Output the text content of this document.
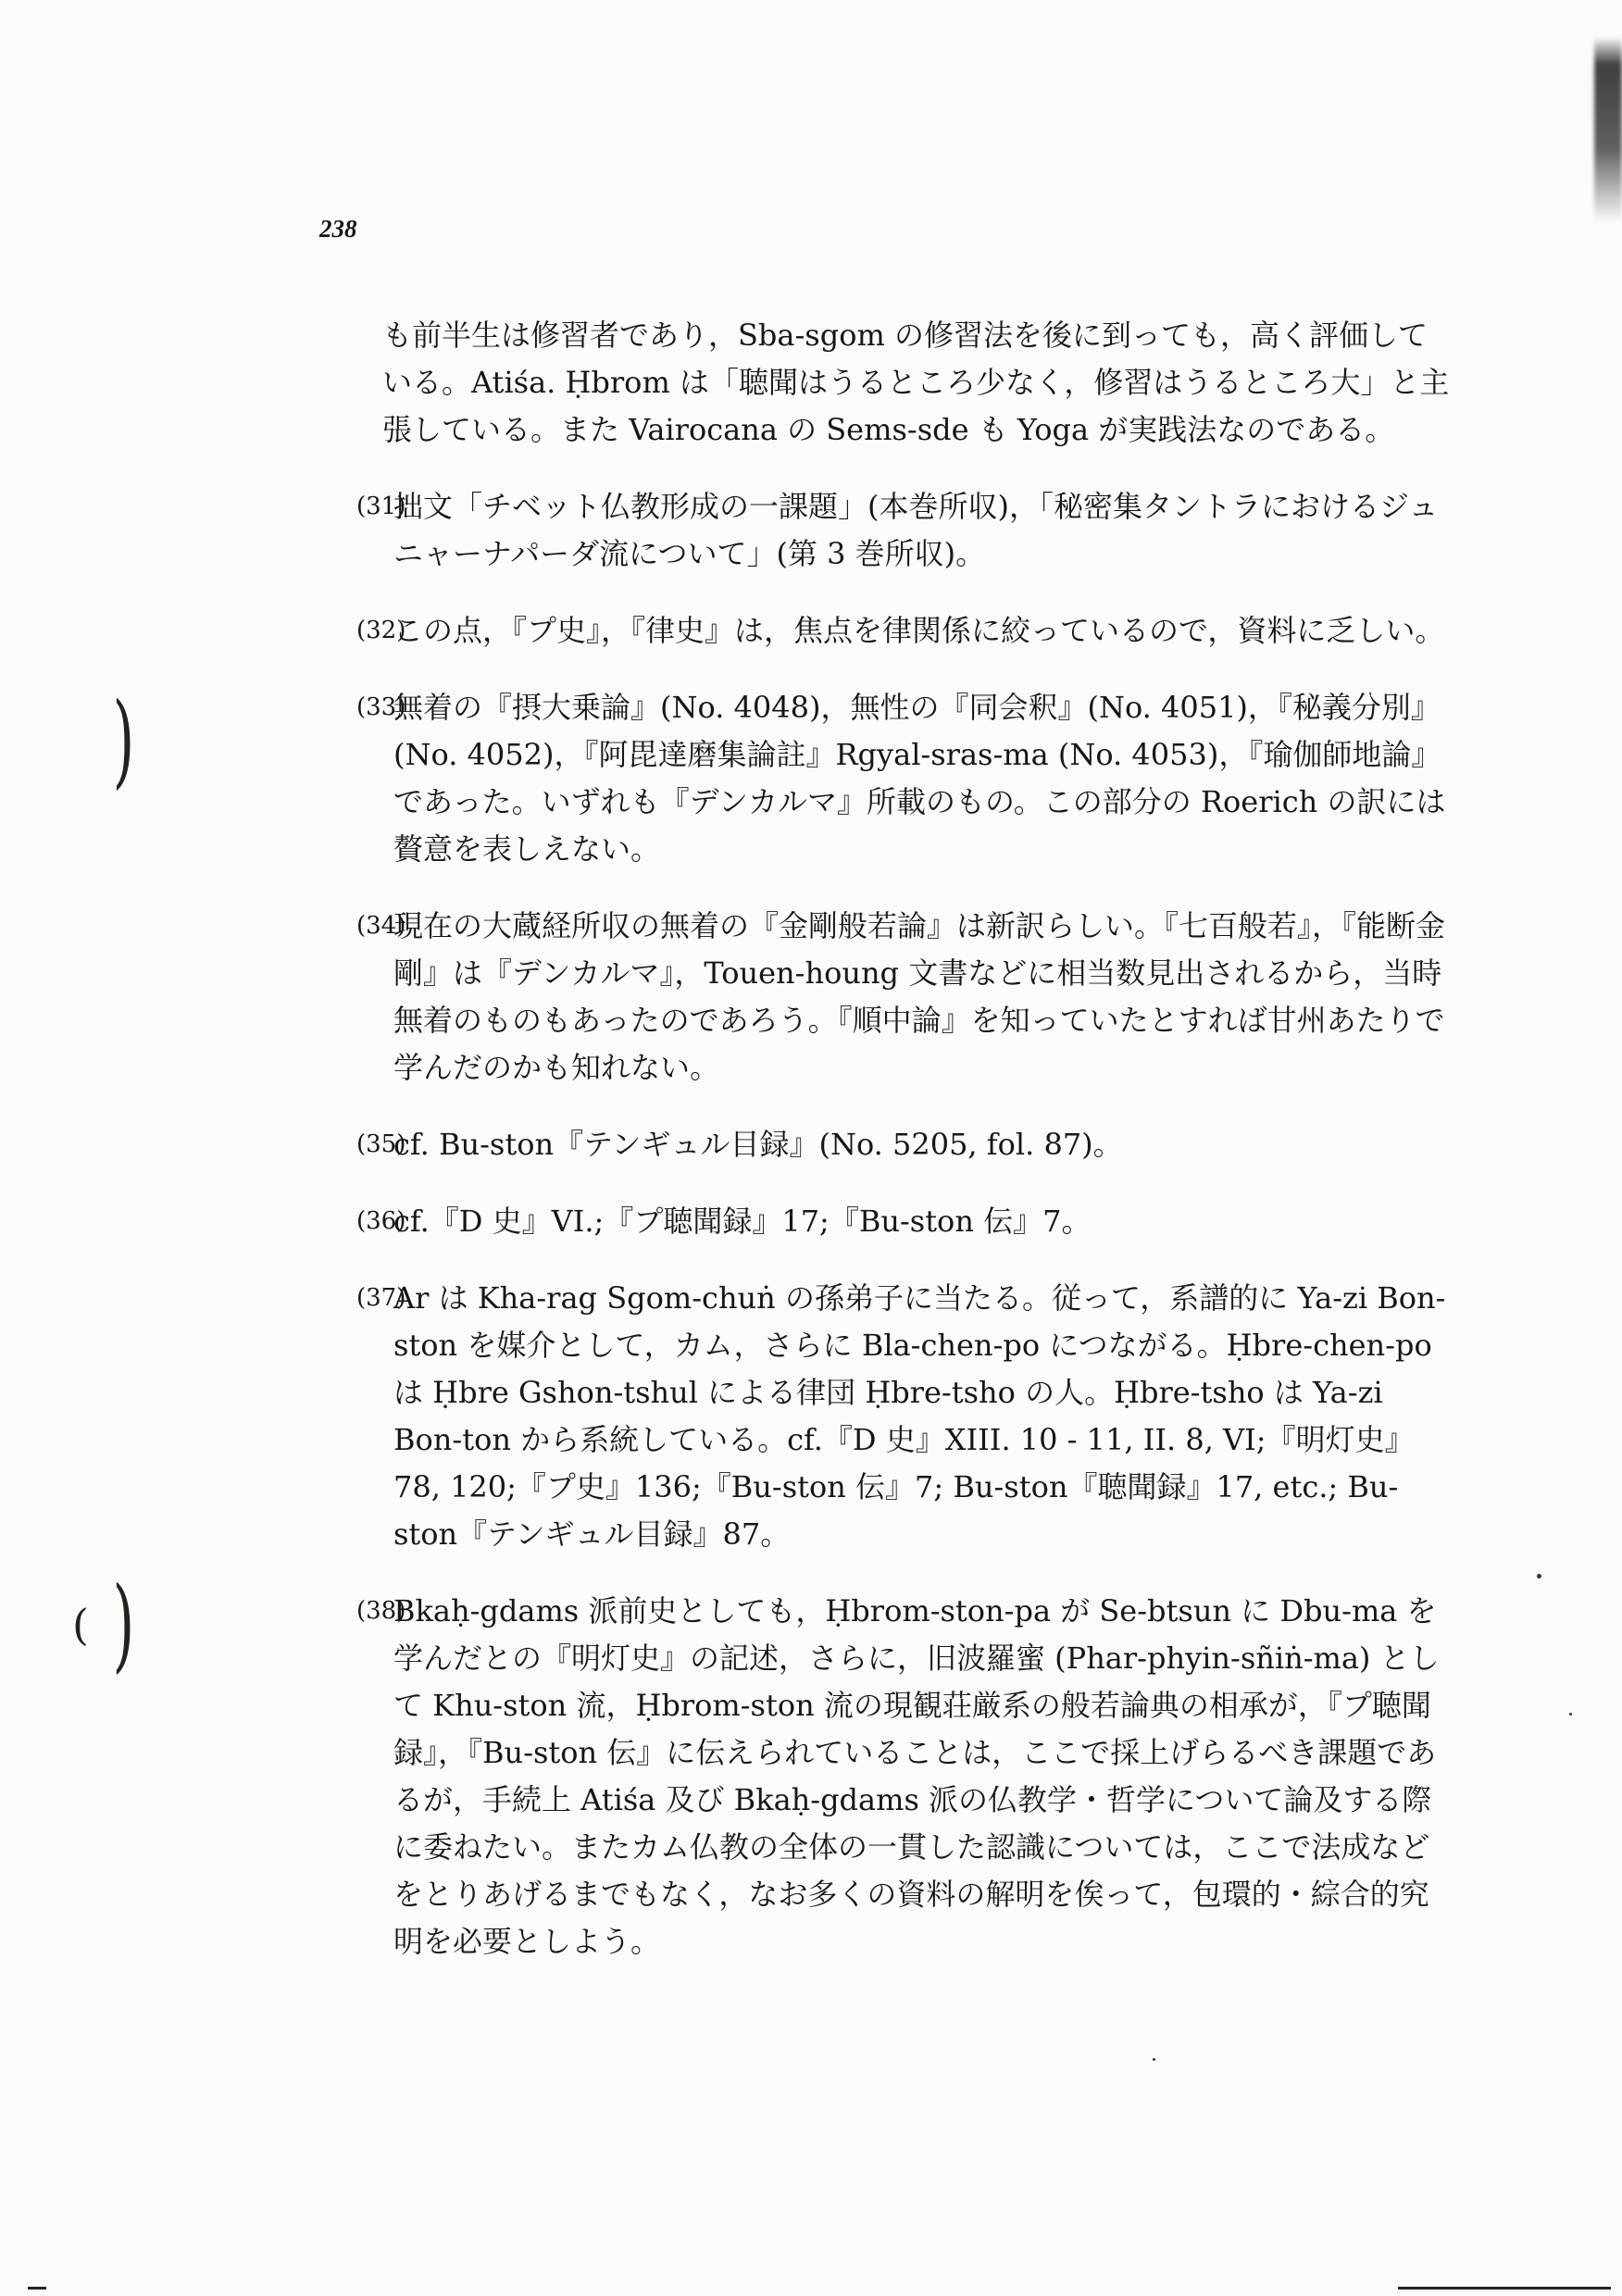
238

も前半生は修習者であり，Sba-sgom の修習法を後に到っても，高く評価している。Atiśa. Ḥbrom は「聴聞はうるところ少なく，修習はうるところ大」と主張している。また Vairocana の Sems-sde も Yoga が実践法なのである。

(31)
拙文「チベット仏教形成の一課題」(本巻所収)，「秘密集タントラにおけるジュニャーナパーダ流について」(第 3 巻所収)。

(32)
この点，『プ史』，『律史』は，焦点を律関係に絞っているので，資料に乏しい。

(33)
無着の『摂大乗論』(No. 4048)，無性の『同会釈』(No. 4051)，『秘義分別』(No. 4052)，『阿毘達磨集論註』Rgyal-sras-ma (No. 4053)，『瑜伽師地論』であった。いずれも『デンカルマ』所載のもの。この部分の Roerich の訳には贅意を表しえない。

(34)
現在の大蔵経所収の無着の『金剛般若論』は新訳らしい。『七百般若』，『能断金剛』は『デンカルマ』，Touen-houng 文書などに相当数見出されるから，当時無着のものもあったのであろう。『順中論』を知っていたとすれば甘州あたりで学んだのかも知れない。

(35)
cf. Bu-ston『テンギュル目録』(No. 5205, fol. 87)。

(36)
cf.『D 史』VI.;『プ聴聞録』17;『Bu-ston 伝』7。

(37)
Ar は Kha-rag Sgom-chuṅ の孫弟子に当たる。従って，系譜的に Ya-zi Bon-ston を媒介として，カム，さらに Bla-chen-po につながる。Ḥbre-chen-po は Ḥbre Gshon-tshul による律団 Ḥbre-tsho の人。Ḥbre-tsho は Ya-zi Bon-ton から系統している。cf.『D 史』XIII. 10 - 11, II. 8, VI;『明灯史』78, 120;『プ史』136;『Bu-ston 伝』7; Bu-ston『聴聞録』17, etc.; Bu-ston『テンギュル目録』87。

(38)
Bkaḥ-gdams 派前史としても，Ḥbrom-ston-pa が Se-btsun に Dbu-ma を学んだとの『明灯史』の記述，さらに，旧波羅蜜 (Phar-phyin-sñiṅ-ma) として Khu-ston 流，Ḥbrom-ston 流の現観荘厳系の般若論典の相承が，『プ聴聞録』，『Bu-ston 伝』に伝えられていることは，ここで採上げらるべき課題であるが，手続上 Atiśa 及び Bkaḥ-gdams 派の仏教学・哲学について論及する際に委ねたい。またカム仏教の全体の一貫した認識については，ここで法成などをとりあげるまでもなく，なお多くの資料の解明を俟って，包環的・綜合的究明を必要としよう。

)
)
(
